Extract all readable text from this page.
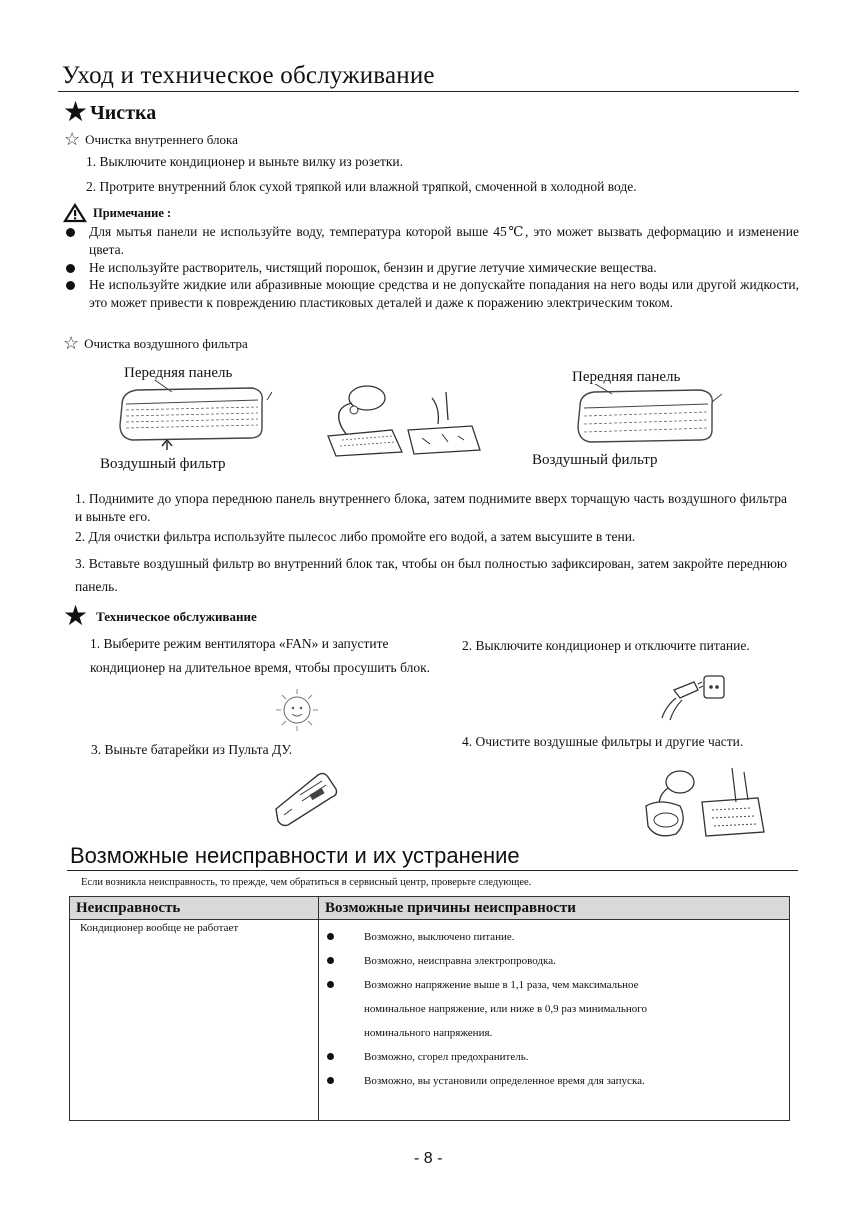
Уход и техническое обслуживание
★ Чистка
☆ Очистка внутреннего блока
1. Выключите кондиционер и выньте вилку из розетки.
2. Протрите внутренний блок сухой тряпкой или влажной тряпкой, смоченной в холодной воде.
Примечание :
Для мытья панели не используйте воду, температура которой выше 45℃, это может вызвать деформацию и изменение цвета.
Не используйте растворитель, чистящий порошок, бензин и другие летучие химические вещества.
Не используйте жидкие или абразивные моющие средства и не допускайте попадания на него воды или другой жидкости, это может привести к повреждению пластиковых деталей и даже к поражению электрическим током.
☆ Очистка воздушного фильтра
Передняя панель
Воздушный фильтр
Передняя панель
Воздушный фильтр
1. Поднимите до упора переднюю панель внутреннего блока, затем поднимите вверх торчащую часть воздушного фильтра и выньте его.
2. Для очистки фильтра используйте пылесос либо промойте его водой, а затем высушите в тени.
3. Вставьте воздушный фильтр во внутренний блок так, чтобы он был полностью зафиксирован, затем закройте переднюю панель.
★ Техническое обслуживание
1. Выберите режим вентилятора «FAN» и запустите кондиционер на длительное время, чтобы просушить блок.
2. Выключите кондиционер и отключите питание.
3. Выньте батарейки из Пульта ДУ.
4. Очистите воздушные фильтры и другие части.
Возможные неисправности и их устранение
Если возникла неисправность, то прежде, чем обратиться в сервисный центр, проверьте следующее.
Неисправность	Возможные причины неисправности
Кондиционер вообще не работает	Возможно, выключено питание.
Возможно, неисправна электропроводка.
Возможно напряжение выше в 1,1 раза, чем максимальное номинальное напряжение, или ниже в 0,9 раз минимального номинального напряжения.
Возможно, сгорел предохранитель.
Возможно, вы установили определенное время для запуска.
- 8 -
